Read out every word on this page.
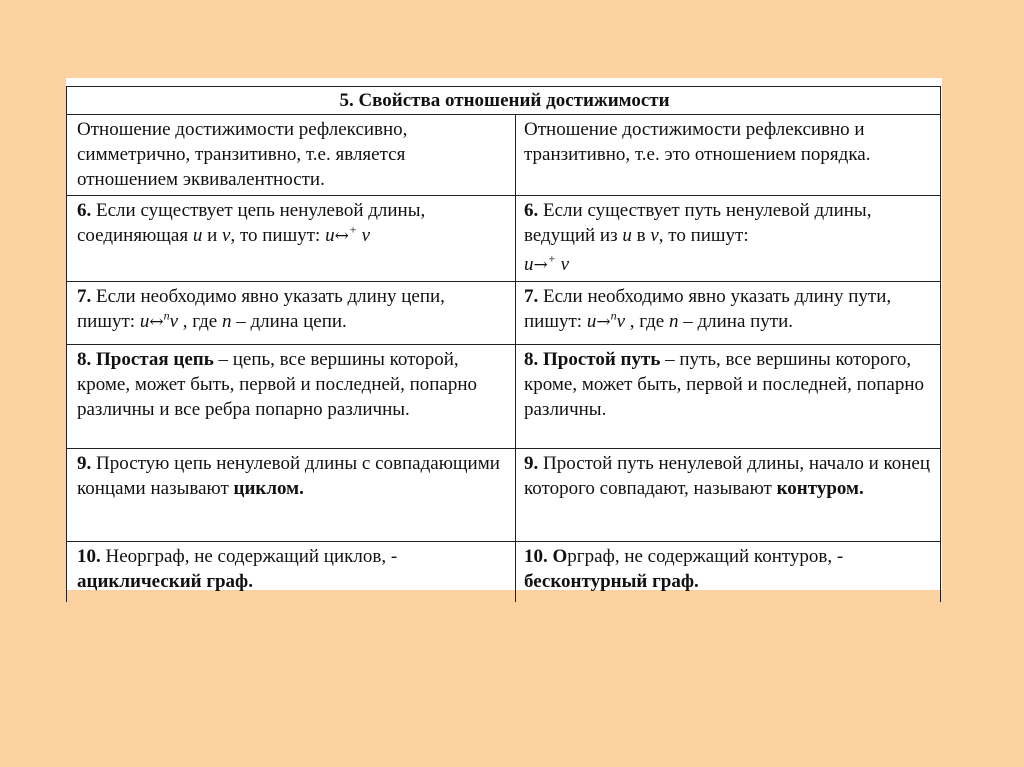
5. Свойства отношений достижимости	
Отношение достижимости рефлексивно, симметрично, транзитивно, т.е. является отношением эквивалентности.	Отношение достижимости рефлексивно и транзитивно, т.е. это отношением порядка.
6. Если существует цепь ненулевой длины, соединяющая u и v, то пишут: u↔+ v	6. Если существует путь ненулевой длины, ведущий из u в v, то пишут:
u→+ v

7. Если необходимо явно указать длину цепи, пишут: u↔$^n$v , где n – длина цепи.	7. Если необходимо явно указать длину пути, пишут: u→$^n$v , где n – длина пути.
8. Простая цепь – цепь, все вершины которой, кроме, может быть, первой и последней, попарно различны и все ребра попарно различны.	8. Простой путь – путь, все вершины которого, кроме, может быть, первой и последней, попарно различны.
9. Простую цепь ненулевой длины с совпадающими концами называют циклом.	9. Простой путь ненулевой длины, начало и конец которого совпадают, называют контуром.
10. Неорграф, не содержащий циклов, - ациклический граф.	10. Орграф, не содержащий контуров, - бесконтурный граф.
